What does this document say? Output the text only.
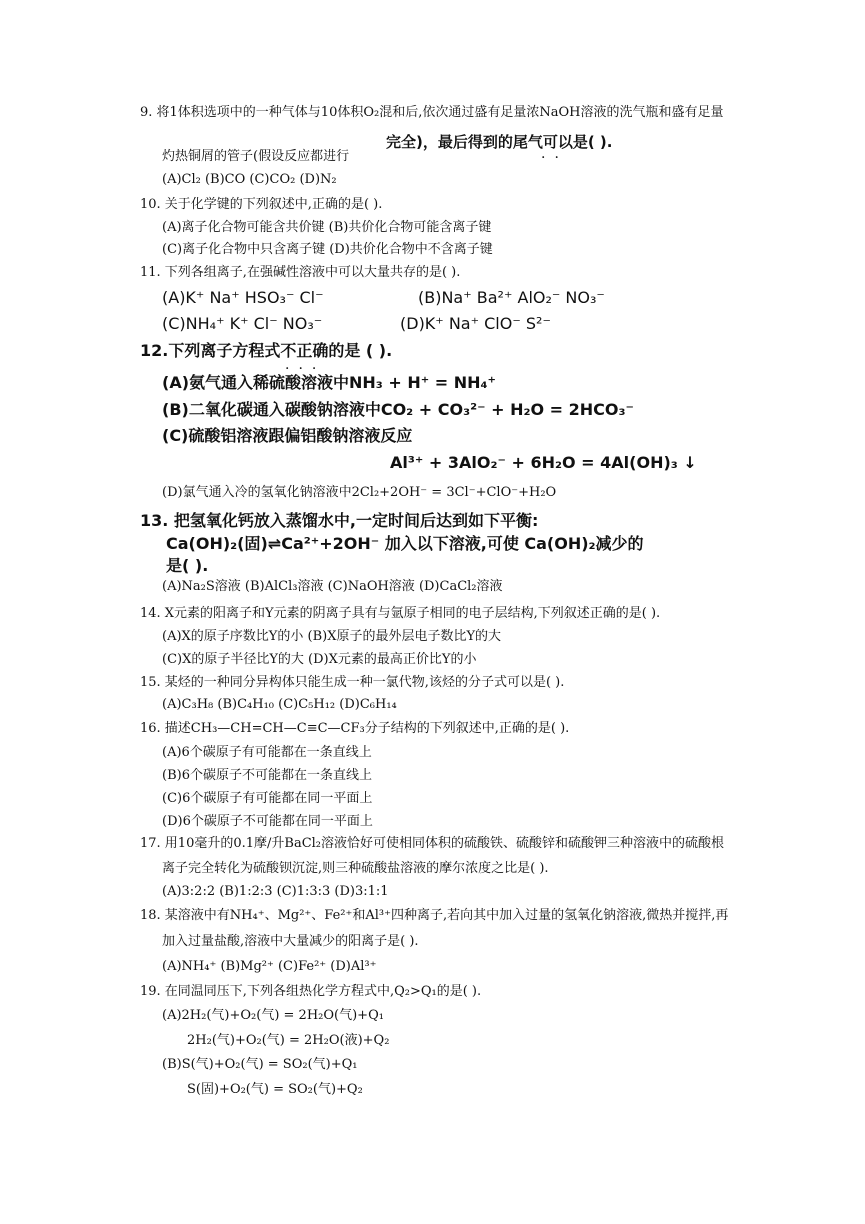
9. 将1体积选项中的一种气体与10体积O₂混和后,依次通过盛有足量浓NaOH溶液的洗气瓶和盛有足量
灼热铜屑的管子(假设反应都进行
完全)，最后得到的尾气可以是( ).
··
(A)Cl₂ (B)CO (C)CO₂ (D)N₂
10. 关于化学键的下列叙述中,正确的是( ).
(A)离子化合物可能含共价键 (B)共价化合物可能含离子键
(C)离子化合物中只含离子键 (D)共价化合物中不含离子键
11. 下列各组离子,在强碱性溶液中可以大量共存的是( ).
(A)K⁺ Na⁺ HSO₃⁻ Cl⁻	(B)Na⁺ Ba²⁺ AlO₂⁻ NO₃⁻
(C)NH₄⁺ K⁺ Cl⁻ NO₃⁻	(D)K⁺ Na⁺ ClO⁻ S²⁻
12.下列离子方程式不正确的是 ( ).
···
(A)氨气通入稀硫酸溶液中NH₃ + H⁺ = NH₄⁺
(B)二氧化碳通入碳酸钠溶液中CO₂ + CO₃²⁻ + H₂O = 2HCO₃⁻
(C)硫酸铝溶液跟偏铝酸钠溶液反应
Al³⁺ + 3AlO₂⁻ + 6H₂O = 4Al(OH)₃ ↓
(D)氯气通入冷的氢氧化钠溶液中2Cl₂+2OH⁻ = 3Cl⁻+ClO⁻+H₂O
13. 把氢氧化钙放入蒸馏水中,一定时间后达到如下平衡:
Ca(OH)₂(固)⇌Ca²⁺+2OH⁻ 加入以下溶液,可使 Ca(OH)₂减少的
是( ).
(A)Na₂S溶液 (B)AlCl₃溶液 (C)NaOH溶液 (D)CaCl₂溶液
14. X元素的阳离子和Y元素的阴离子具有与氩原子相同的电子层结构,下列叙述正确的是( ).
(A)X的原子序数比Y的小 (B)X原子的最外层电子数比Y的大
(C)X的原子半径比Y的大 (D)X元素的最高正价比Y的小
15. 某烃的一种同分异构体只能生成一种一氯代物,该烃的分子式可以是( ).
(A)C₃H₈ (B)C₄H₁₀ (C)C₅H₁₂ (D)C₆H₁₄
16. 描述CH₃—CH=CH—C≡C—CF₃分子结构的下列叙述中,正确的是( ).
(A)6个碳原子有可能都在一条直线上
(B)6个碳原子不可能都在一条直线上
(C)6个碳原子有可能都在同一平面上
(D)6个碳原子不可能都在同一平面上
17. 用10毫升的0.1摩/升BaCl₂溶液恰好可使相同体积的硫酸铁、硫酸锌和硫酸钾三种溶液中的硫酸根
离子完全转化为硫酸钡沉淀,则三种硫酸盐溶液的摩尔浓度之比是( ).
(A)3:2:2 (B)1:2:3 (C)1:3:3 (D)3:1:1
18. 某溶液中有NH₄⁺、Mg²⁺、Fe²⁺和Al³⁺四种离子,若向其中加入过量的氢氧化钠溶液,微热并搅拌,再
加入过量盐酸,溶液中大量减少的阳离子是( ).
(A)NH₄⁺ (B)Mg²⁺ (C)Fe²⁺ (D)Al³⁺
19. 在同温同压下,下列各组热化学方程式中,Q₂>Q₁的是( ).
(A)2H₂(气)+O₂(气) = 2H₂O(气)+Q₁
2H₂(气)+O₂(气) = 2H₂O(液)+Q₂
(B)S(气)+O₂(气) = SO₂(气)+Q₁
S(固)+O₂(气) = SO₂(气)+Q₂
